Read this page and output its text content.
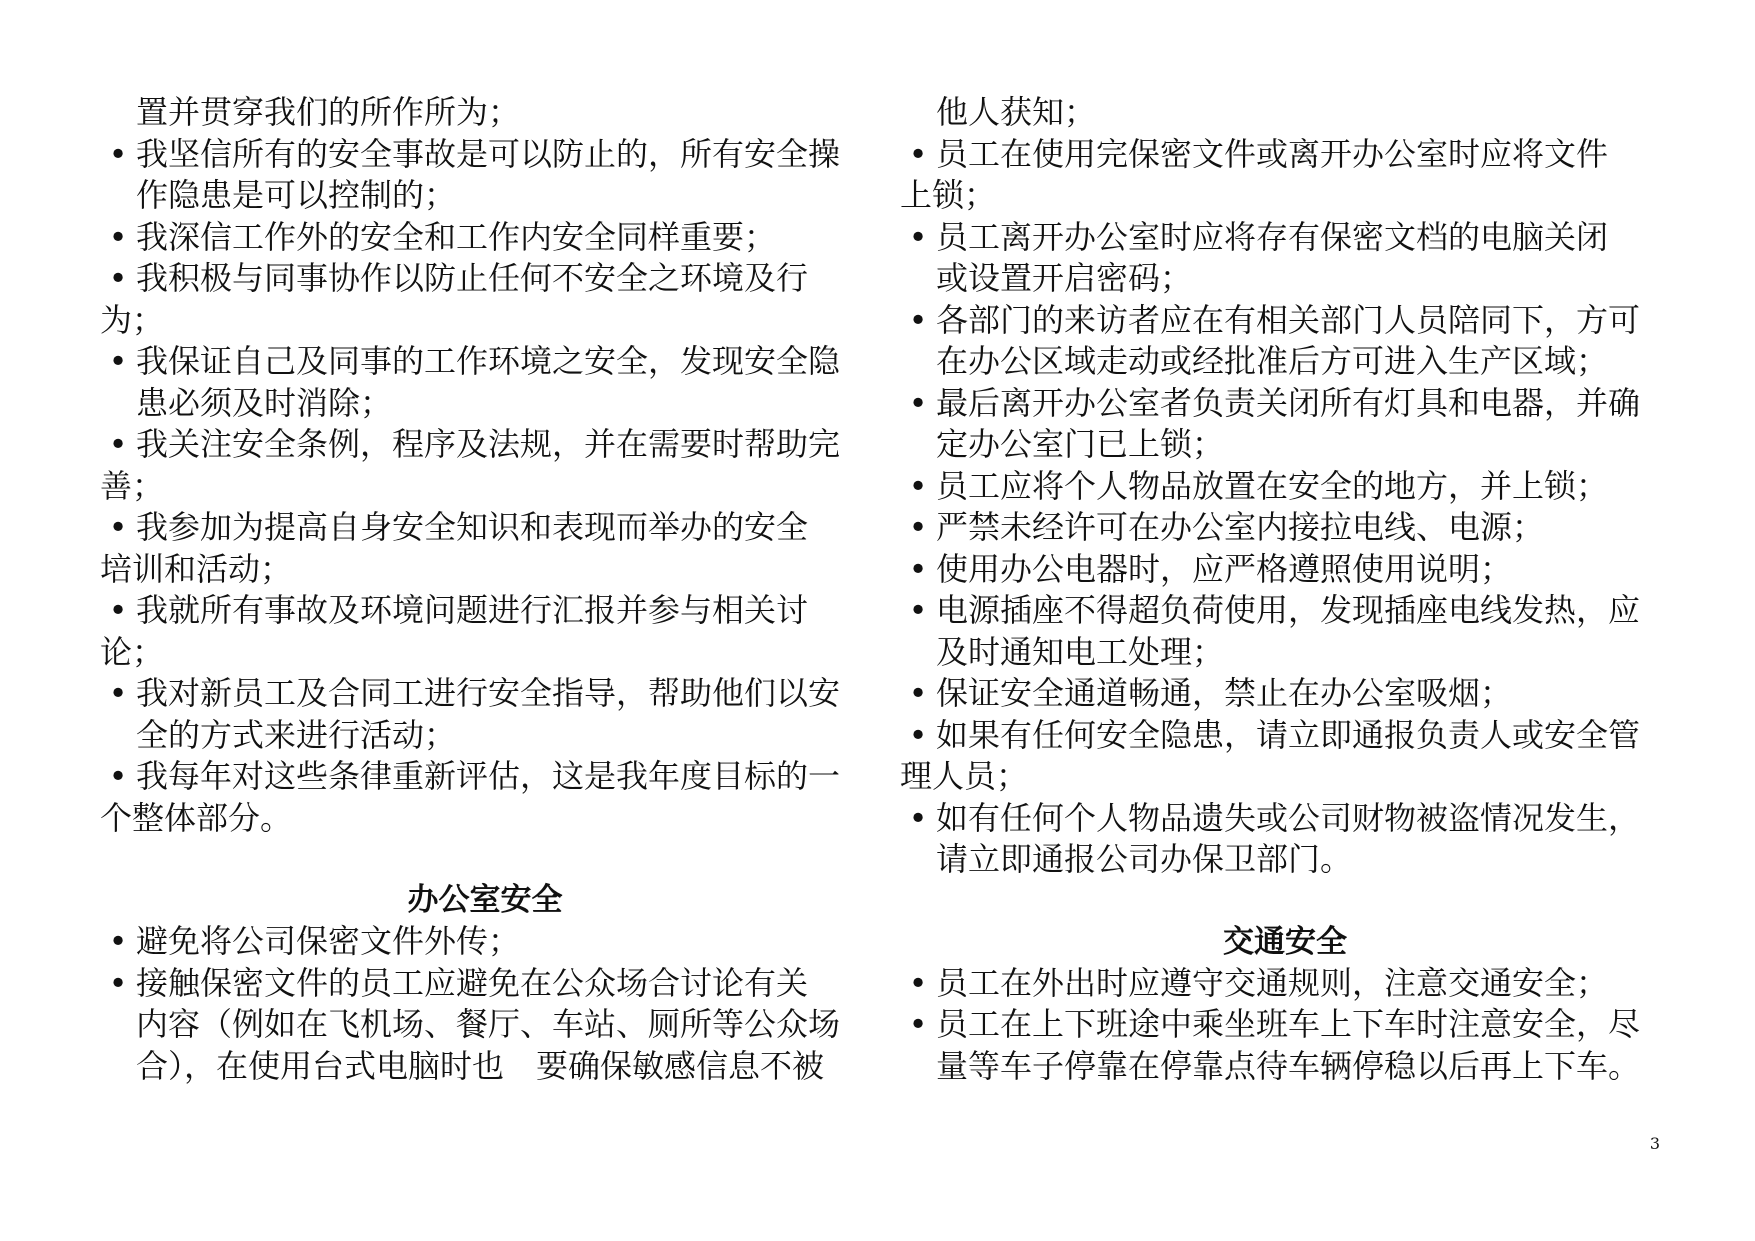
置并贯穿我们的所作所为；
• 我坚信所有的安全事故是可以防止的，所有安全操
作隐患是可以控制的；
• 我深信工作外的安全和工作内安全同样重要；
• 我积极与同事协作以防止任何不安全之环境及行
为；
• 我保证自己及同事的工作环境之安全，发现安全隐
患必须及时消除；
• 我关注安全条例，程序及法规，并在需要时帮助完
善；
• 我参加为提高自身安全知识和表现而举办的安全
培训和活动；
• 我就所有事故及环境问题进行汇报并参与相关讨
论；
• 我对新员工及合同工进行安全指导，帮助他们以安
全的方式来进行活动；
• 我每年对这些条律重新评估，这是我年度目标的一
个整体部分。
办公室安全
• 避免将公司保密文件外传；
• 接触保密文件的员工应避免在公众场合讨论有关
内容（例如在飞机场、餐厅、车站、厕所等公众场
合），在使用台式电脑时也　要确保敏感信息不被
他人获知；
• 员工在使用完保密文件或离开办公室时应将文件
上锁；
• 员工离开办公室时应将存有保密文档的电脑关闭
或设置开启密码；
• 各部门的来访者应在有相关部门人员陪同下，方可
在办公区域走动或经批准后方可进入生产区域；
• 最后离开办公室者负责关闭所有灯具和电器，并确
定办公室门已上锁；
• 员工应将个人物品放置在安全的地方，并上锁；
• 严禁未经许可在办公室内接拉电线、电源；
• 使用办公电器时，应严格遵照使用说明；
• 电源插座不得超负荷使用，发现插座电线发热，应
及时通知电工处理；
• 保证安全通道畅通，禁止在办公室吸烟；
• 如果有任何安全隐患，请立即通报负责人或安全管
理人员；
• 如有任何个人物品遗失或公司财物被盗情况发生，
请立即通报公司办保卫部门。
交通安全
• 员工在外出时应遵守交通规则，注意交通安全；
• 员工在上下班途中乘坐班车上下车时注意安全，尽
量等车子停靠在停靠点待车辆停稳以后再上下车。
3
